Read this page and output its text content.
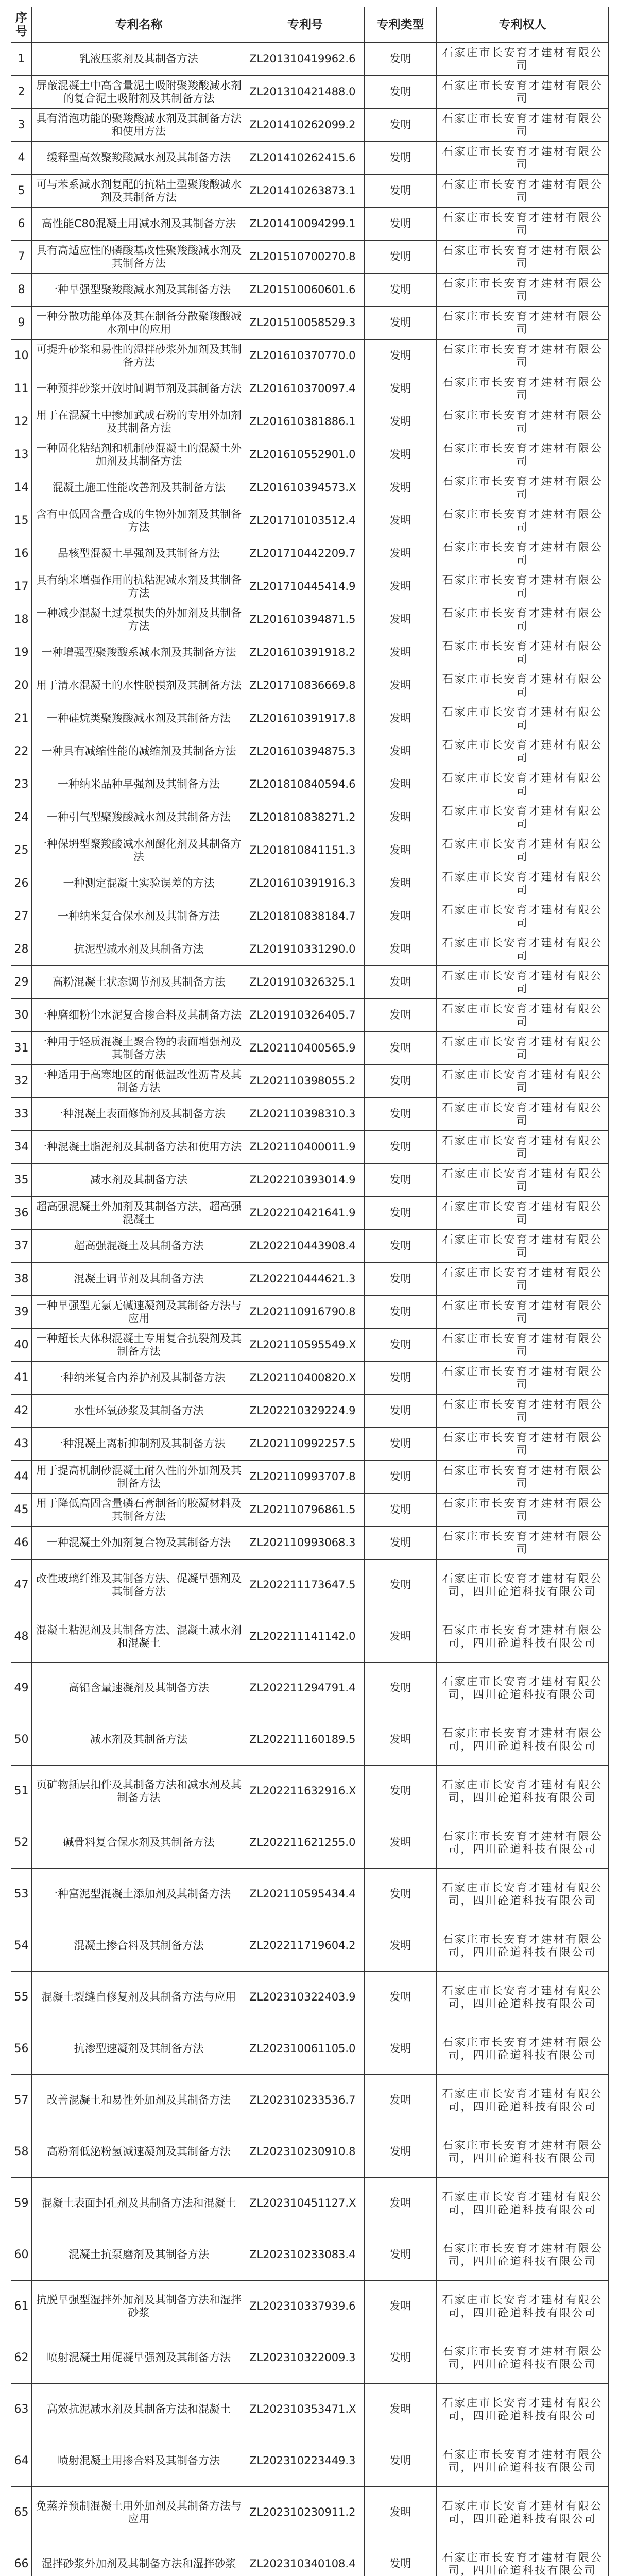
序号	专利名称	专利号	专利类型	专利权人
1	乳液压浆剂及其制备方法	ZL201310419962.6	发明	石家庄市长安育才建材有限公司
2	屏蔽混凝土中高含量泥土吸附聚羧酸减水剂的复合泥土吸附剂及其制备方法	ZL201310421488.0	发明	石家庄市长安育才建材有限公司
3	具有消泡功能的聚羧酸减水剂及其制备方法和使用方法	ZL201410262099.2	发明	石家庄市长安育才建材有限公司
4	缓释型高效聚羧酸减水剂及其制备方法	ZL201410262415.6	发明	石家庄市长安育才建材有限公司
5	可与苯系减水剂复配的抗粘土型聚羧酸减水剂及其制备方法	ZL201410263873.1	发明	石家庄市长安育才建材有限公司
6	高性能C80混凝土用减水剂及其制备方法	ZL201410094299.1	发明	石家庄市长安育才建材有限公司
7	具有高适应性的磷酸基改性聚羧酸减水剂及其制备方法	ZL201510700270.8	发明	石家庄市长安育才建材有限公司
8	一种早强型聚羧酸减水剂及其制备方法	ZL201510060601.6	发明	石家庄市长安育才建材有限公司
9	一种分散功能单体及其在制备分散聚羧酸减水剂中的应用	ZL201510058529.3	发明	石家庄市长安育才建材有限公司
10	可提升砂浆和易性的湿拌砂浆外加剂及其制备方法	ZL201610370770.0	发明	石家庄市长安育才建材有限公司
11	一种预拌砂浆开放时间调节剂及其制备方法	ZL201610370097.4	发明	石家庄市长安育才建材有限公司
12	用于在混凝土中掺加武成石粉的专用外加剂及其制备方法	ZL201610381886.1	发明	石家庄市长安育才建材有限公司
13	一种固化粘结剂和机制砂混凝土的混凝土外加剂及其制备方法	ZL201610552901.0	发明	石家庄市长安育才建材有限公司
14	混凝土施工性能改善剂及其制备方法	ZL201610394573.X	发明	石家庄市长安育才建材有限公司
15	含有中低固含量合成的生物外加剂及其制备方法	ZL201710103512.4	发明	石家庄市长安育才建材有限公司
16	晶核型混凝土早强剂及其制备方法	ZL201710442209.7	发明	石家庄市长安育才建材有限公司
17	具有纳米增强作用的抗粘泥减水剂及其制备方法	ZL201710445414.9	发明	石家庄市长安育才建材有限公司
18	一种减少混凝土过泵损失的外加剂及其制备方法	ZL201610394871.5	发明	石家庄市长安育才建材有限公司
19	一种增强型聚羧酸系减水剂及其制备方法	ZL201610391918.2	发明	石家庄市长安育才建材有限公司
20	用于清水混凝土的水性脱模剂及其制备方法	ZL201710836669.8	发明	石家庄市长安育才建材有限公司
21	一种硅烷类聚羧酸减水剂及其制备方法	ZL201610391917.8	发明	石家庄市长安育才建材有限公司
22	一种具有减缩性能的减缩剂及其制备方法	ZL201610394875.3	发明	石家庄市长安育才建材有限公司
23	一种纳米晶种早强剂及其制备方法	ZL201810840594.6	发明	石家庄市长安育才建材有限公司
24	一种引气型聚羧酸减水剂及其制备方法	ZL201810838271.2	发明	石家庄市长安育才建材有限公司
25	一种保坍型聚羧酸减水剂醚化剂及其制备方法	ZL201810841151.3	发明	石家庄市长安育才建材有限公司
26	一种测定混凝土实验误差的方法	ZL201610391916.3	发明	石家庄市长安育才建材有限公司
27	一种纳米复合保水剂及其制备方法	ZL201810838184.7	发明	石家庄市长安育才建材有限公司
28	抗泥型减水剂及其制备方法	ZL201910331290.0	发明	石家庄市长安育才建材有限公司
29	高粉混凝土状态调节剂及其制备方法	ZL201910326325.1	发明	石家庄市长安育才建材有限公司
30	一种磨细粉尘水泥复合掺合料及其制备方法	ZL201910326405.7	发明	石家庄市长安育才建材有限公司
31	一种用于轻质混凝土聚合物的表面增强剂及其制备方法	ZL202110400565.9	发明	石家庄市长安育才建材有限公司
32	一种适用于高寒地区的耐低温改性沥青及其制备方法	ZL202110398055.2	发明	石家庄市长安育才建材有限公司
33	一种混凝土表面修饰剂及其制备方法	ZL202110398310.3	发明	石家庄市长安育才建材有限公司
34	一种混凝土脂泥剂及其制备方法和使用方法	ZL202110400011.9	发明	石家庄市长安育才建材有限公司
35	减水剂及其制备方法	ZL202210393014.9	发明	石家庄市长安育才建材有限公司
36	超高强混凝土外加剂及其制备方法，超高强混凝土	ZL202210421641.9	发明	石家庄市长安育才建材有限公司
37	超高强混凝土及其制备方法	ZL202210443908.4	发明	石家庄市长安育才建材有限公司
38	混凝土调节剂及其制备方法	ZL202210444621.3	发明	石家庄市长安育才建材有限公司
39	一种早强型无氯无碱速凝剂及其制备方法与应用	ZL202110916790.8	发明	石家庄市长安育才建材有限公司
40	一种超长大体积混凝土专用复合抗裂剂及其制备方法	ZL202110595549.X	发明	石家庄市长安育才建材有限公司
41	一种纳米复合内养护剂及其制备方法	ZL202110400820.X	发明	石家庄市长安育才建材有限公司
42	水性环氧砂浆及其制备方法	ZL202210329224.9	发明	石家庄市长安育才建材有限公司
43	一种混凝土离析抑制剂及其制备方法	ZL202110992257.5	发明	石家庄市长安育才建材有限公司
44	用于提高机制砂混凝土耐久性的外加剂及其制备方法	ZL202110993707.8	发明	石家庄市长安育才建材有限公司
45	用于降低高固含量磷石膏制备的胶凝材料及其制备方法	ZL202110796861.5	发明	石家庄市长安育才建材有限公司
46	一种混凝土外加剂复合物及其制备方法	ZL202110993068.3	发明	石家庄市长安育才建材有限公司
47	改性玻璃纤维及其制备方法、促凝早强剂及其制备方法	ZL202211173647.5	发明	石家庄市长安育才建材有限公司，四川砼道科技有限公司
48	混凝土粘泥剂及其制备方法、混凝土减水剂和混凝土	ZL202211141142.0	发明	石家庄市长安育才建材有限公司，四川砼道科技有限公司
49	高铝含量速凝剂及其制备方法	ZL202211294791.4	发明	石家庄市长安育才建材有限公司，四川砼道科技有限公司
50	减水剂及其制备方法	ZL202211160189.5	发明	石家庄市长安育才建材有限公司，四川砼道科技有限公司
51	页矿物插层扣件及其制备方法和减水剂及其制备方法	ZL202211632916.X	发明	石家庄市长安育才建材有限公司，四川砼道科技有限公司
52	碱骨料复合保水剂及其制备方法	ZL202211621255.0	发明	石家庄市长安育才建材有限公司，四川砼道科技有限公司
53	一种富泥型混凝土添加剂及其制备方法	ZL202110595434.4	发明	石家庄市长安育才建材有限公司，四川砼道科技有限公司
54	混凝土掺合料及其制备方法	ZL202211719604.2	发明	石家庄市长安育才建材有限公司，四川砼道科技有限公司
55	混凝土裂缝自修复剂及其制备方法与应用	ZL202310322403.9	发明	石家庄市长安育才建材有限公司，四川砼道科技有限公司
56	抗渗型速凝剂及其制备方法	ZL202310061105.0	发明	石家庄市长安育才建材有限公司，四川砼道科技有限公司
57	改善混凝土和易性外加剂及其制备方法	ZL202310233536.7	发明	石家庄市长安育才建材有限公司，四川砼道科技有限公司
58	高粉剂低泌粉氢减速凝剂及其制备方法	ZL202310230910.8	发明	石家庄市长安育才建材有限公司，四川砼道科技有限公司
59	混凝土表面封孔剂及其制备方法和混凝土	ZL202310451127.X	发明	石家庄市长安育才建材有限公司，四川砼道科技有限公司
60	混凝土抗泵磨剂及其制备方法	ZL202310233083.4	发明	石家庄市长安育才建材有限公司，四川砼道科技有限公司
61	抗脱早强型湿拌外加剂及其制备方法和湿拌砂浆	ZL202310337939.6	发明	石家庄市长安育才建材有限公司，四川砼道科技有限公司
62	喷射混凝土用促凝早强剂及其制备方法	ZL202310322009.3	发明	石家庄市长安育才建材有限公司，四川砼道科技有限公司
63	高效抗泥减水剂及其制备方法和混凝土	ZL202310353471.X	发明	石家庄市长安育才建材有限公司，四川砼道科技有限公司
64	喷射混凝土用掺合料及其制备方法	ZL202310223449.3	发明	石家庄市长安育才建材有限公司，四川砼道科技有限公司
65	免蒸养预制混凝土用外加剂及其制备方法与应用	ZL202310230911.2	发明	石家庄市长安育才建材有限公司，四川砼道科技有限公司
66	湿拌砂浆外加剂及其制备方法和湿拌砂浆	ZL202310340108.4	发明	石家庄市长安育才建材有限公司，四川砼道科技有限公司
